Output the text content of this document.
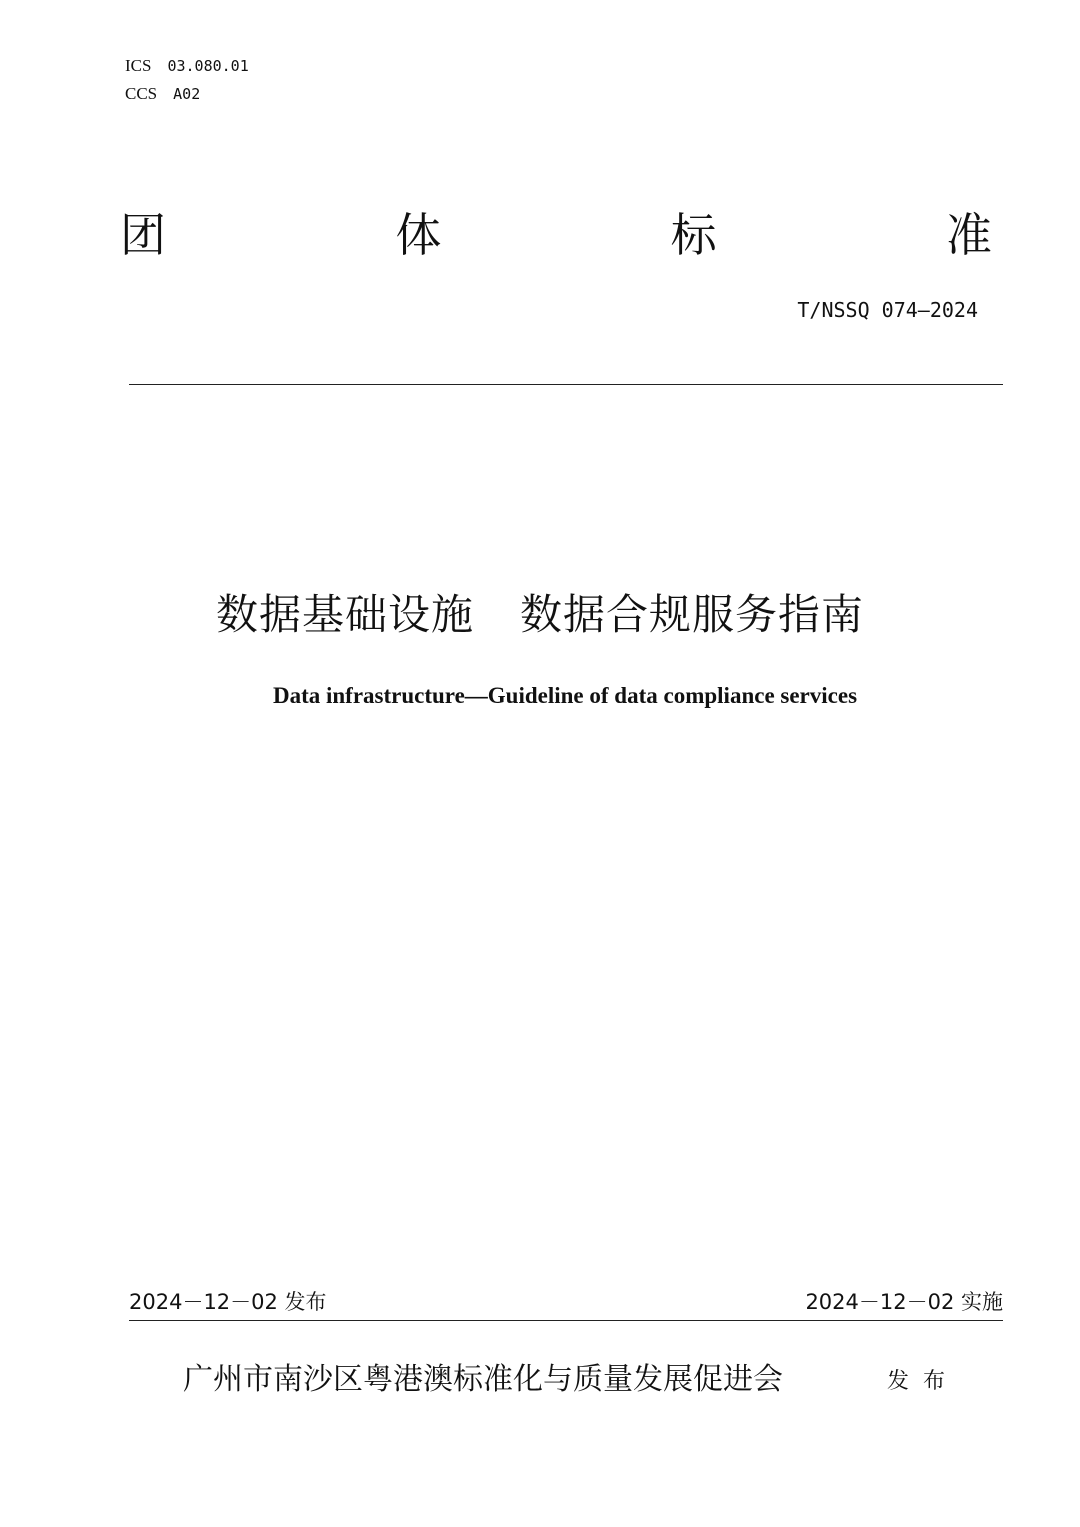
ICS 03.080.01
CCS A02
团	体	标	准
T/NSSQ 074—2024
数据基础设施 数据合规服务指南
Data infrastructure—Guideline of data compliance services
2024－12－02 发布	2024－12－02 实施
广州市南沙区粤港澳标准化与质量发展促进会	发布
